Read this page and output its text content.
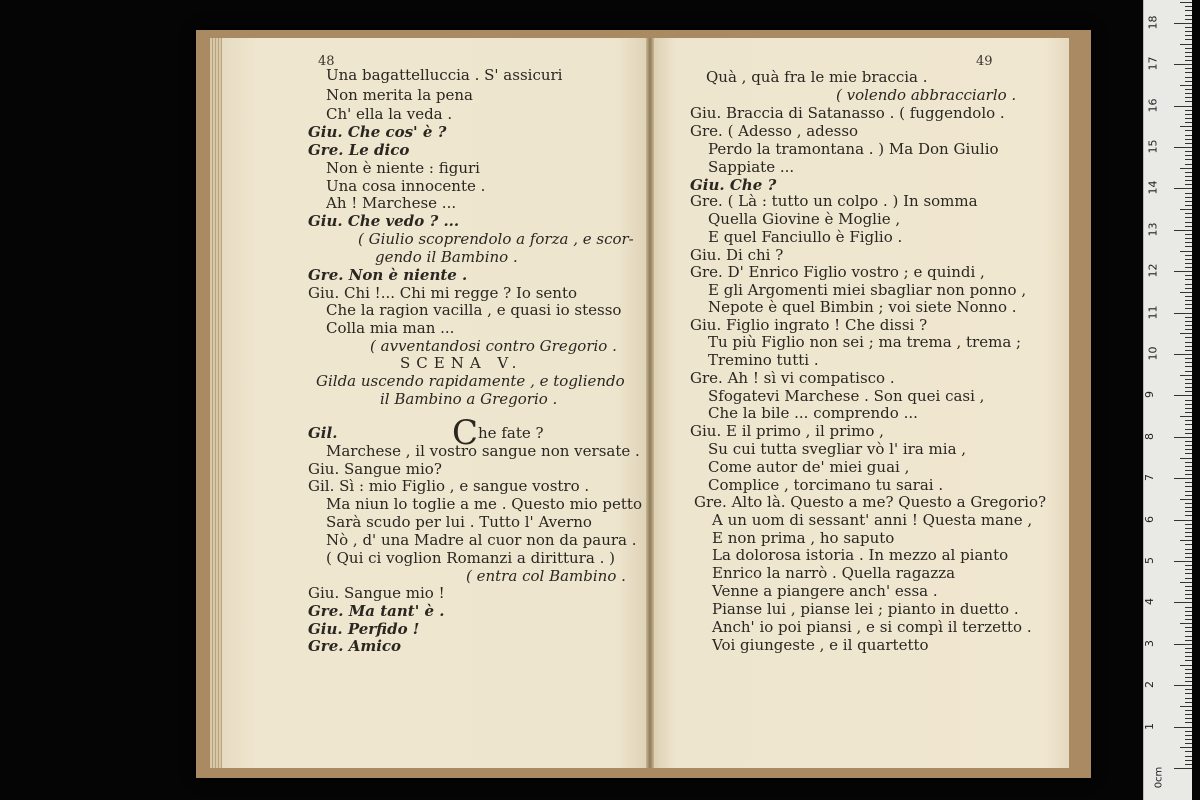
48
Una bagattelluccia . S' assicuri
Non merita la pena
Ch' ella la veda .
Giu. Che cos' è ?
Gre. Le dico
Non è niente : figuri
Una cosa innocente .
Ah ! Marchese ...
Giu. Che vedo ? ...
( Giulio scoprendolo a forza , e scor-
gendo il Bambino .
Gre. Non è niente .
Giu. Chi !... Chi mi regge ? Io sento
Che la ragion vacilla , e quasi io stesso
Colla mia man ...
( avventandosi contro Gregorio .
SCENA V.
Gilda uscendo rapidamente , e togliendo
il Bambino a Gregorio .
Gil.	Che fate ?
Marchese , il vostro sangue non versate .
Giu. Sangue mio?
Gil. Sì : mio Figlio , e sangue vostro .
Ma niun lo toglie a me . Questo mio petto
Sarà scudo per lui . Tutto l' Averno
Nò , d' una Madre al cuor non da paura .
( Qui ci voglion Romanzi a dirittura . )
( entra col Bambino .
Giu. Sangue mio !
Gre. Ma tant' è .
Giu. Perfido !
Gre. Amico
49
Quà , quà fra le mie braccia .
( volendo abbracciarlo .
Giu. Braccia di Satanasso . ( fuggendolo .
Gre. ( Adesso , adesso
Perdo la tramontana . ) Ma Don Giulio
Sappiate ...
Giu. Che ?
Gre. ( Là : tutto un colpo . ) In somma
Quella Giovine è Moglie ,
E quel Fanciullo è Figlio .
Giu. Di chi ?
Gre. D' Enrico Figlio vostro ; e quindi ,
E gli Argomenti miei sbagliar non ponno ,
Nepote è quel Bimbin ; voi siete Nonno .
Giu. Figlio ingrato ! Che dissi ?
Tu più Figlio non sei ; ma trema , trema ;
Tremino tutti .
Gre. Ah ! sì vi compatisco .
Sfogatevi Marchese . Son quei casi ,
Che la bile ... comprendo ...
Giu. E il primo , il primo ,
Su cui tutta svegliar vò l' ira mia ,
Come autor de' miei guai ,
Complice , torcimano tu sarai .
Gre. Alto là. Questo a me? Questo a Gregorio?
A un uom di sessant' anni ! Questa mane ,
E non prima , ho saputo
La dolorosa istoria . In mezzo al pianto
Enrico la narrò . Quella ragazza
Venne a piangere anch' essa .
Pianse lui , pianse lei ; pianto in duetto .
Anch' io poi piansi , e si compì il terzetto .
Voi giungeste , e il quartetto
0cm
1
2
3
4
5
6
7
8
9
10
11
12
13
14
15
16
17
18
